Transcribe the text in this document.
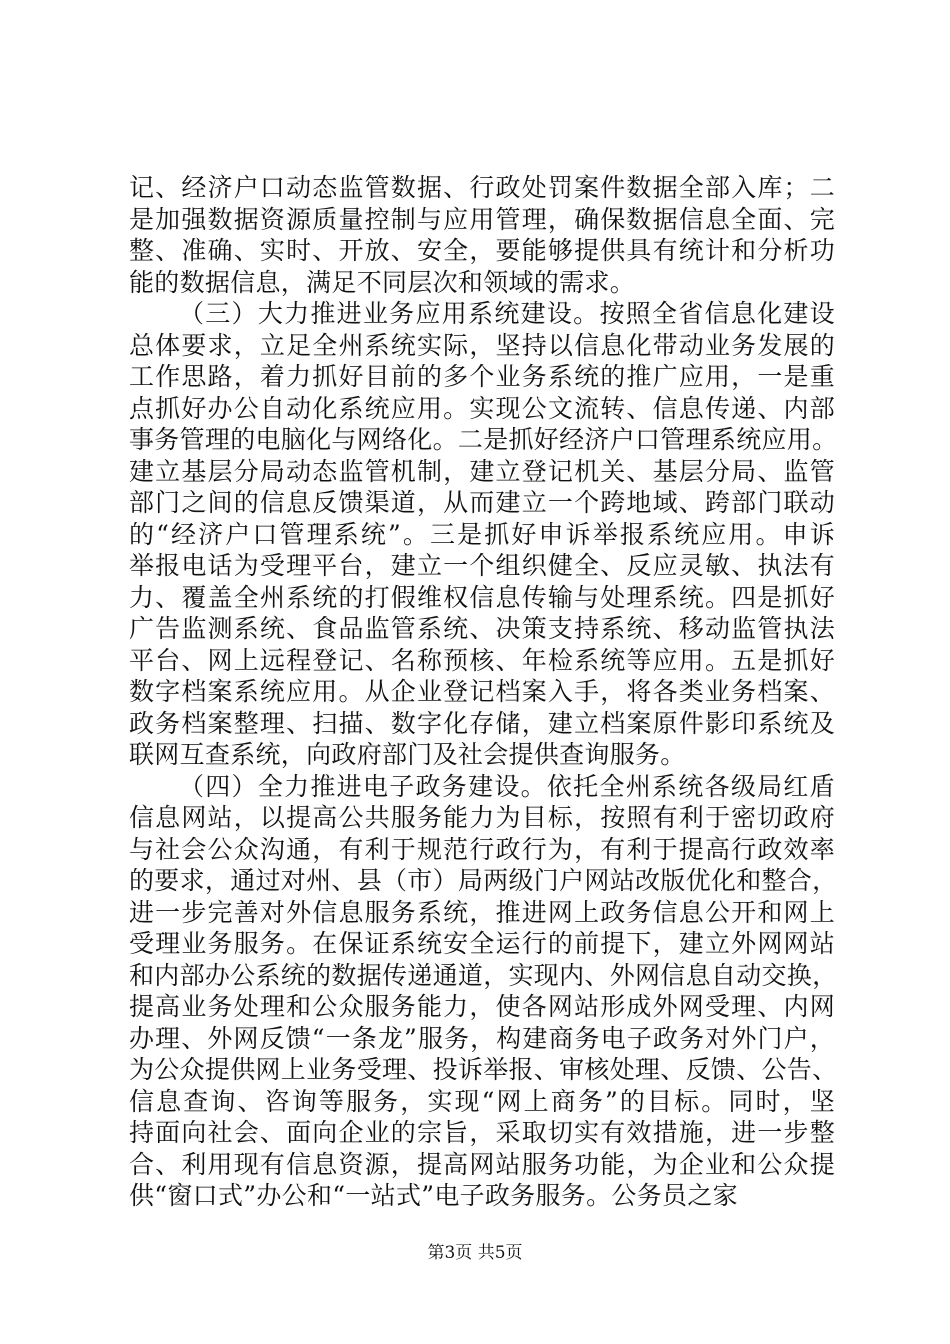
记、经济户口动态监管数据、行政处罚案件数据全部入库；二
是加强数据资源质量控制与应用管理，确保数据信息全面、完
整、准确、实时、开放、安全，要能够提供具有统计和分析功
能的数据信息，满足不同层次和领域的需求。
（三）大力推进业务应用系统建设。按照全省信息化建设
总体要求，立足全州系统实际，坚持以信息化带动业务发展的
工作思路，着力抓好目前的多个业务系统的推广应用，一是重
点抓好办公自动化系统应用。实现公文流转、信息传递、内部
事务管理的电脑化与网络化。二是抓好经济户口管理系统应用。
建立基层分局动态监管机制，建立登记机关、基层分局、监管
部门之间的信息反馈渠道，从而建立一个跨地域、跨部门联动
的“经济户口管理系统”。三是抓好申诉举报系统应用。申诉
举报电话为受理平台，建立一个组织健全、反应灵敏、执法有
力、覆盖全州系统的打假维权信息传输与处理系统。四是抓好
广告监测系统、食品监管系统、决策支持系统、移动监管执法
平台、网上远程登记、名称预核、年检系统等应用。五是抓好
数字档案系统应用。从企业登记档案入手，将各类业务档案、
政务档案整理、扫描、数字化存储，建立档案原件影印系统及
联网互查系统，向政府部门及社会提供查询服务。
（四）全力推进电子政务建设。依托全州系统各级局红盾
信息网站，以提高公共服务能力为目标，按照有利于密切政府
与社会公众沟通，有利于规范行政行为，有利于提高行政效率
的要求，通过对州、县（市）局两级门户网站改版优化和整合，
进一步完善对外信息服务系统，推进网上政务信息公开和网上
受理业务服务。在保证系统安全运行的前提下，建立外网网站
和内部办公系统的数据传递通道，实现内、外网信息自动交换，
提高业务处理和公众服务能力，使各网站形成外网受理、内网
办理、外网反馈“一条龙”服务，构建商务电子政务对外门户，
为公众提供网上业务受理、投诉举报、审核处理、反馈、公告、
信息查询、咨询等服务，实现“网上商务”的目标。同时，坚
持面向社会、面向企业的宗旨，采取切实有效措施，进一步整
合、利用现有信息资源，提高网站服务功能，为企业和公众提
供“窗口式”办公和“一站式”电子政务服务。公务员之家
第3页 共5页
